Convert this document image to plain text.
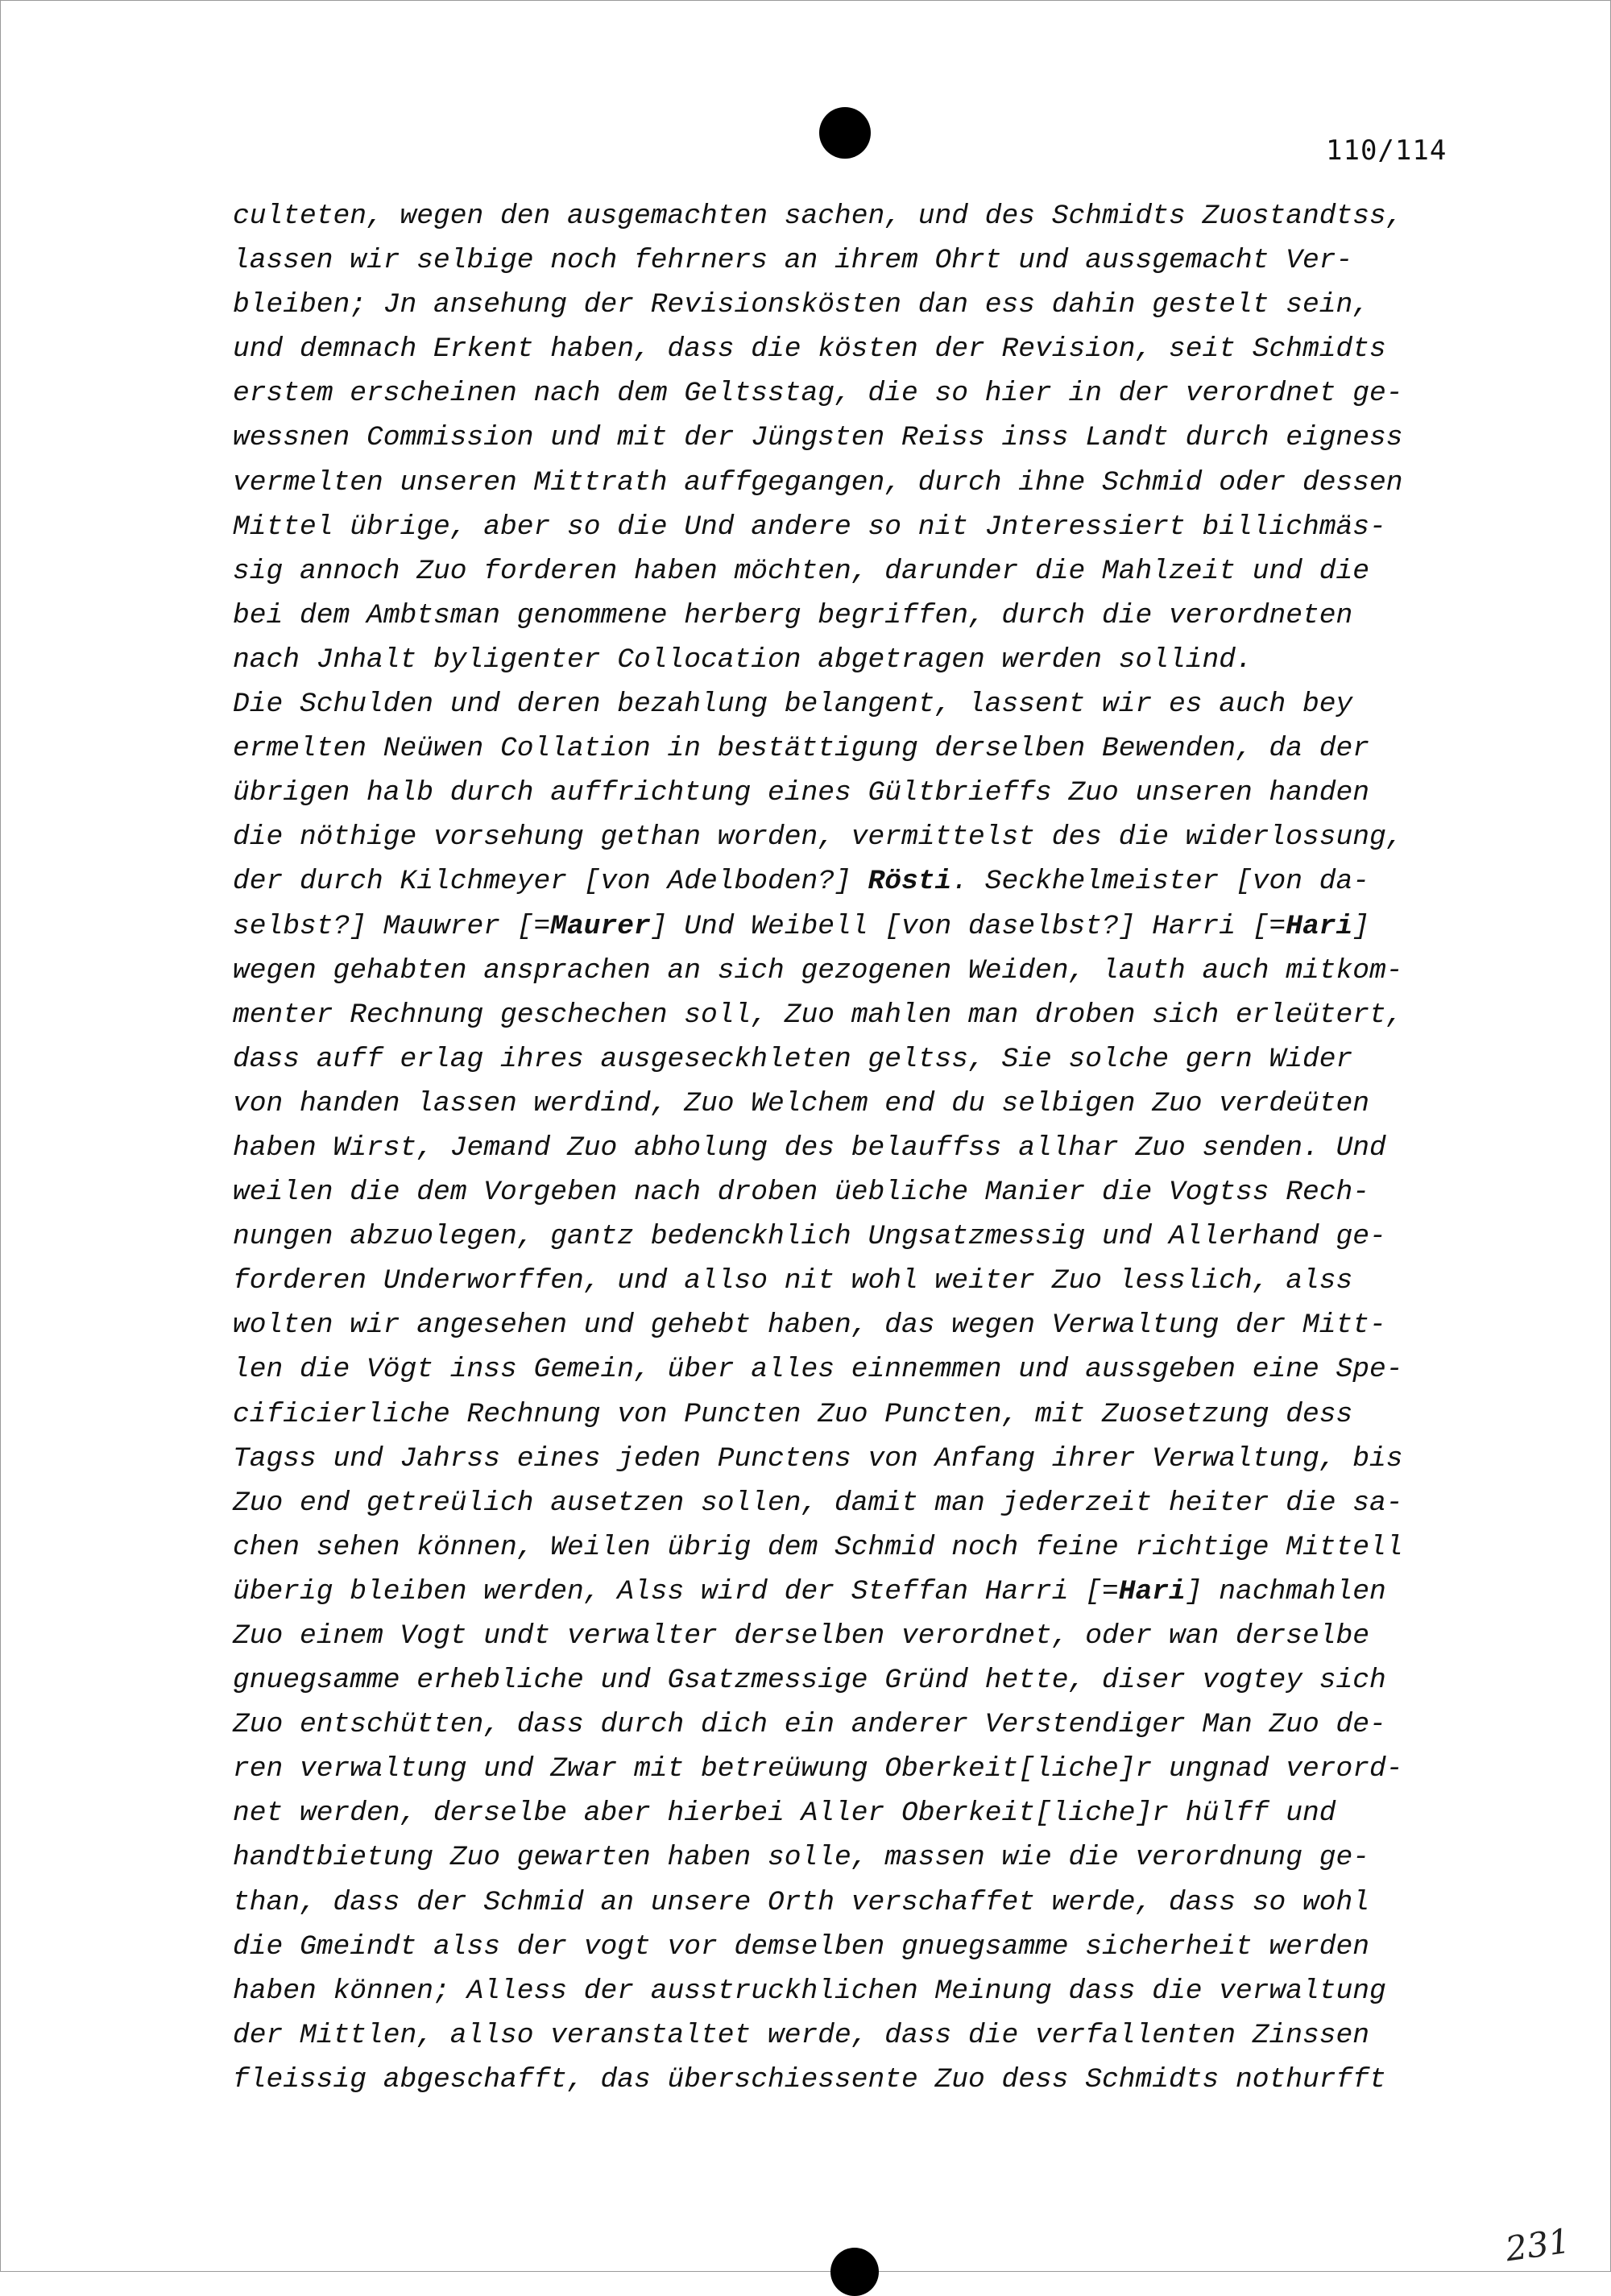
110/114
culteten, wegen den ausgemachten sachen, und des Schmidts Zuostandtss,
lassen wir selbige noch fehrners an ihrem Ohrt und aussgemacht Ver-
bleiben; Jn ansehung der Revisionskösten dan ess dahin gestelt sein,
und demnach Erkent haben, dass die kösten der Revision, seit Schmidts
erstem erscheinen nach dem Geltsstag, die so hier in der verordnet ge-
wessnen Commission und mit der Jüngsten Reiss inss Landt durch eigness
vermelten unseren Mittrath auffgegangen, durch ihne Schmid oder dessen
Mittel übrige, aber so die Und andere so nit Jnteressiert billichmäs-
sig annoch Zuo forderen haben möchten, darunder die Mahlzeit und die
bei dem Ambtsman genommene herberg begriffen, durch die verordneten
nach Jnhalt byligenter Collocation abgetragen werden sollind.
Die Schulden und deren bezahlung belangent, lassent wir es auch bey
ermelten Neüwen Collation in bestättigung derselben Bewenden, da der
übrigen halb durch auffrichtung eines Gültbrieffs Zuo unseren handen
die nöthige vorsehung gethan worden, vermittelst des die widerlossung,
der durch Kilchmeyer [von Adelboden?] Rösti. Seckhelmeister [von da-
selbst?] Mauwrer [=Maurer] Und Weibell [von daselbst?] Harri [=Hari]
wegen gehabten ansprachen an sich gezogenen Weiden, lauth auch mitkom-
menter Rechnung geschechen soll, Zuo mahlen man droben sich erleütert,
dass auff erlag ihres ausgeseckhleten geltss, Sie solche gern Wider
von handen lassen werdind, Zuo Welchem end du selbigen Zuo verdeüten
haben Wirst, Jemand Zuo abholung des belauffss allhar Zuo senden. Und
weilen die dem Vorgeben nach droben üebliche Manier die Vogtss Rech-
nungen abzuolegen, gantz bedenckhlich Ungsatzmessig und Allerhand ge-
forderen Underworffen, und allso nit wohl weiter Zuo lesslich, alss
wolten wir angesehen und gehebt haben, das wegen Verwaltung der Mitt-
len die Vögt inss Gemein, über alles einnemmen und aussgeben eine Spe-
cificierliche Rechnung von Puncten Zuo Puncten, mit Zuosetzung dess
Tagss und Jahrss eines jeden Punctens von Anfang ihrer Verwaltung, bis
Zuo end getreülich ausetzen sollen, damit man jederzeit heiter die sa-
chen sehen können, Weilen übrig dem Schmid noch feine richtige Mittell
überig bleiben werden, Alss wird der Steffan Harri [=Hari] nachmahlen
Zuo einem Vogt undt verwalter derselben verordnet, oder wan derselbe
gnuegsamme erhebliche und Gsatzmessige Gründ hette, diser vogtey sich
Zuo entschütten, dass durch dich ein anderer Verstendiger Man Zuo de-
ren verwaltung und Zwar mit betreüwung Oberkeit[liche]r ungnad verord-
net werden, derselbe aber hierbei Aller Oberkeit[liche]r hülff und
handtbietung Zuo gewarten haben solle, massen wie die verordnung ge-
than, dass der Schmid an unsere Orth verschaffet werde, dass so wohl
die Gmeindt alss der vogt vor demselben gnuegsamme sicherheit werden
haben können; Alless der ausstruckhlichen Meinung dass die verwaltung
der Mittlen, allso veranstaltet werde, dass die verfallenten Zinssen
fleissig abgeschafft, das überschiessente Zuo dess Schmidts nothurfft
231
